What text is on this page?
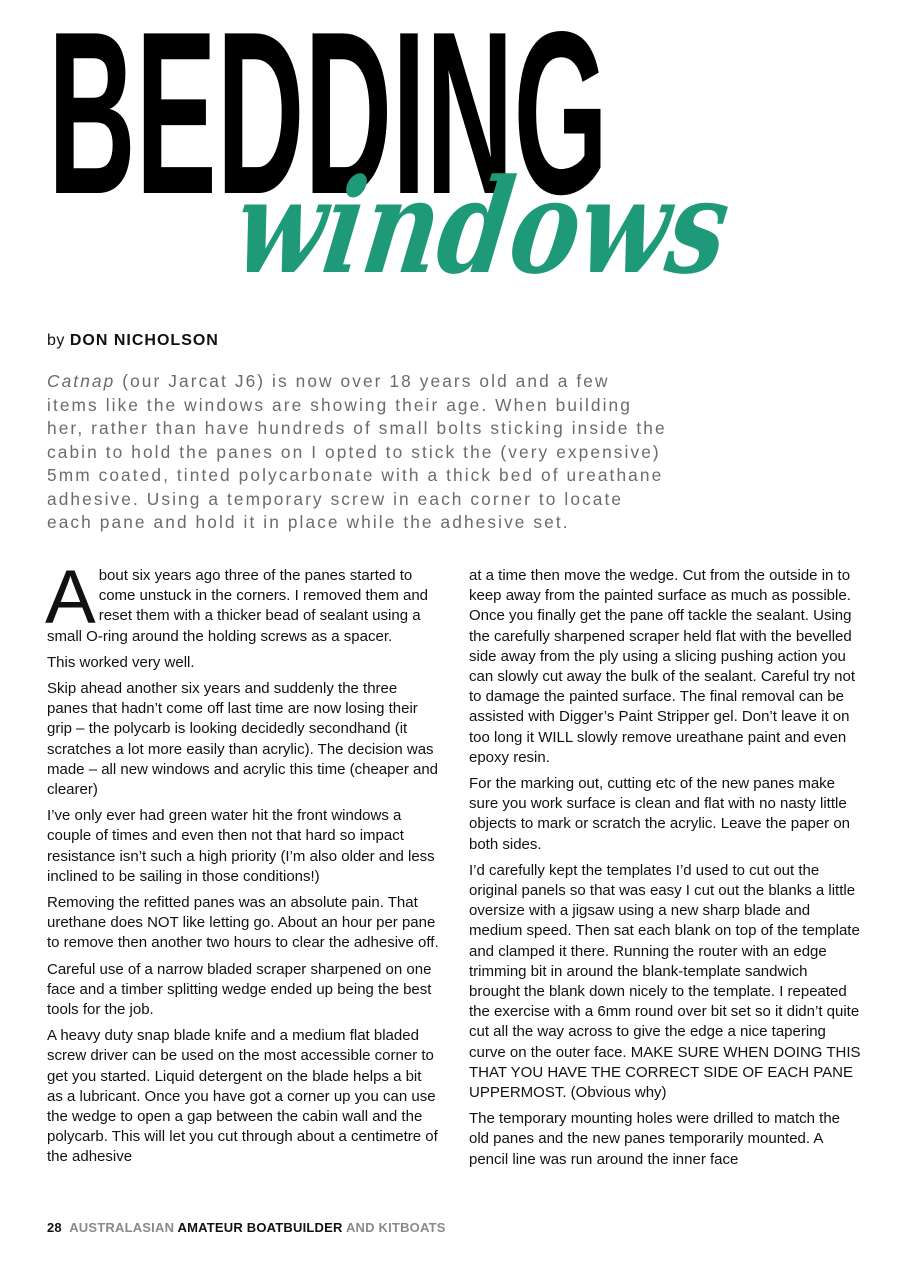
BEDDING
windows
by DON NICHOLSON
Catnap (our Jarcat J6) is now over 18 years old and a few items like the windows are showing their age. When building her, rather than have hundreds of small bolts sticking inside the cabin to hold the panes on I opted to stick the (very expensive) 5mm coated, tinted polycarbonate with a thick bed of ureathane adhesive. Using a temporary screw in each corner to locate each pane and hold it in place while the adhesive set.

About six years ago three of the panes started to come unstuck in the corners. I removed them and reset them with a thicker bead of sealant using a small O-ring around the holding screws as a spacer.

This worked very well.

Skip ahead another six years and suddenly the three panes that hadn’t come off last time are now losing their grip – the polycarb is looking decidedly secondhand (it scratches a lot more easily than acrylic). The decision was made – all new windows and acrylic this time (cheaper and clearer)

I’ve only ever had green water hit the front windows a couple of times and even then not that hard so impact resistance isn’t such a high priority (I’m also older and less inclined to be sailing in those conditions!)

Removing the refitted panes was an absolute pain. That urethane does NOT like letting go. About an hour per pane to remove then another two hours to clear the adhesive off.

Careful use of a narrow bladed scraper sharpened on one face and a timber splitting wedge ended up being the best tools for the job.

A heavy duty snap blade knife and a medium flat bladed screw driver can be used on the most accessible corner to get you started. Liquid detergent on the blade helps a bit as a lubricant. Once you have got a corner up you can use the wedge to open a gap between the cabin wall and the polycarb. This will let you cut through about a centimetre of the adhesive

at a time then move the wedge. Cut from the outside in to keep away from the painted surface as much as possible. Once you finally get the pane off tackle the sealant. Using the carefully sharpened scraper held flat with the bevelled side away from the ply using a slicing pushing action you can slowly cut away the bulk of the sealant. Careful try not to damage the painted surface. The final removal can be assisted with Digger’s Paint Stripper gel. Don’t leave it on too long it WILL slowly remove ureathane paint and even epoxy resin.

For the marking out, cutting etc of the new panes make sure you work surface is clean and flat with no nasty little objects to mark or scratch the acrylic. Leave the paper on both sides.

I’d carefully kept the templates I’d used to cut out the original panels so that was easy I cut out the blanks a little oversize with a jigsaw using a new sharp blade and medium speed. Then sat each blank on top of the template and clamped it there. Running the router with an edge trimming bit in around the blank-template sandwich brought the blank down nicely to the template. I repeated the exercise with a 6mm round over bit set so it didn’t quite cut all the way across to give the edge a nice tapering curve on the outer face. MAKE SURE WHEN DOING THIS THAT YOU HAVE THE CORRECT SIDE OF EACH PANE UPPERMOST. (Obvious why)

The temporary mounting holes were drilled to match the old panes and the new panes temporarily mounted. A pencil line was run around the inner face

28 AUSTRALASIAN AMATEUR BOATBUILDER AND KITBOATS
